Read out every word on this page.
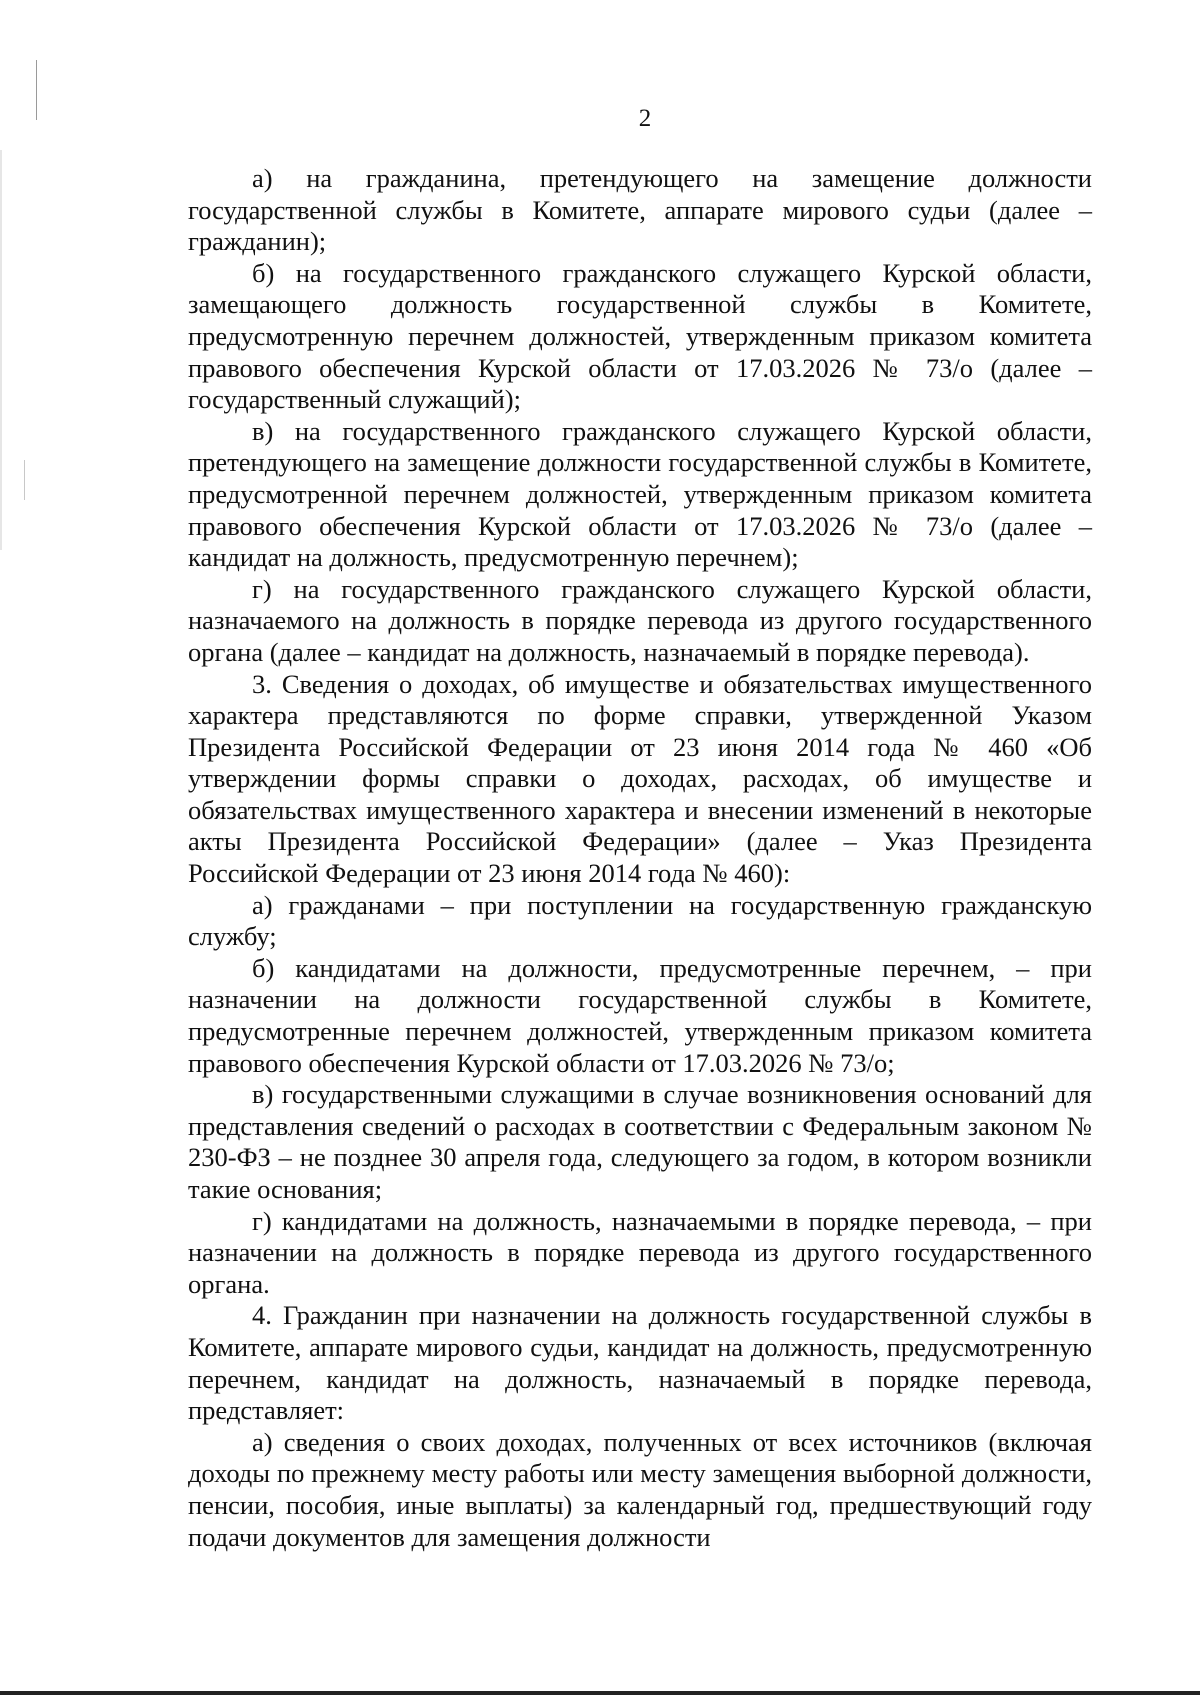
2

а) на гражданина, претендующего на замещение должности государственной службы в Комитете, аппарате мирового судьи (далее – гражданин);

б) на государственного гражданского служащего Курской области, замещающего должность государственной службы в Комитете, предусмотренную перечнем должностей, утвержденным приказом комитета правового обеспечения Курской области от 17.03.2026 № 73/о (далее – государственный служащий);

в) на государственного гражданского служащего Курской области, претендующего на замещение должности государственной службы в Комитете, предусмотренной перечнем должностей, утвержденным приказом комитета правового обеспечения Курской области от 17.03.2026 № 73/о (далее – кандидат на должность, предусмотренную перечнем);

г) на государственного гражданского служащего Курской области, назначаемого на должность в порядке перевода из другого государственного органа (далее – кандидат на должность, назначаемый в порядке перевода).

3. Сведения о доходах, об имуществе и обязательствах имущественного характера представляются по форме справки, утвержденной Указом Президента Российской Федерации от 23 июня 2014 года № 460 «Об утверждении формы справки о доходах, расходах, об имуществе и обязательствах имущественного характера и внесении изменений в некоторые акты Президента Российской Федерации» (далее – Указ Президента Российской Федерации от 23 июня 2014 года № 460):

а) гражданами – при поступлении на государственную гражданскую службу;

б) кандидатами на должности, предусмотренные перечнем, – при назначении на должности государственной службы в Комитете, предусмотренные перечнем должностей, утвержденным приказом комитета правового обеспечения Курской области от 17.03.2026 № 73/о;

в) государственными служащими в случае возникновения оснований для представления сведений о расходах в соответствии с Федеральным законом № 230-ФЗ – не позднее 30 апреля года, следующего за годом, в котором возникли такие основания;

г) кандидатами на должность, назначаемыми в порядке перевода, – при назначении на должность в порядке перевода из другого государственного органа.

4. Гражданин при назначении на должность государственной службы в Комитете, аппарате мирового судьи, кандидат на должность, предусмотренную перечнем, кандидат на должность, назначаемый в порядке перевода, представляет:

а) сведения о своих доходах, полученных от всех источников (включая доходы по прежнему месту работы или месту замещения выборной должности, пенсии, пособия, иные выплаты) за календарный год, предшествующий году подачи документов для замещения должности
